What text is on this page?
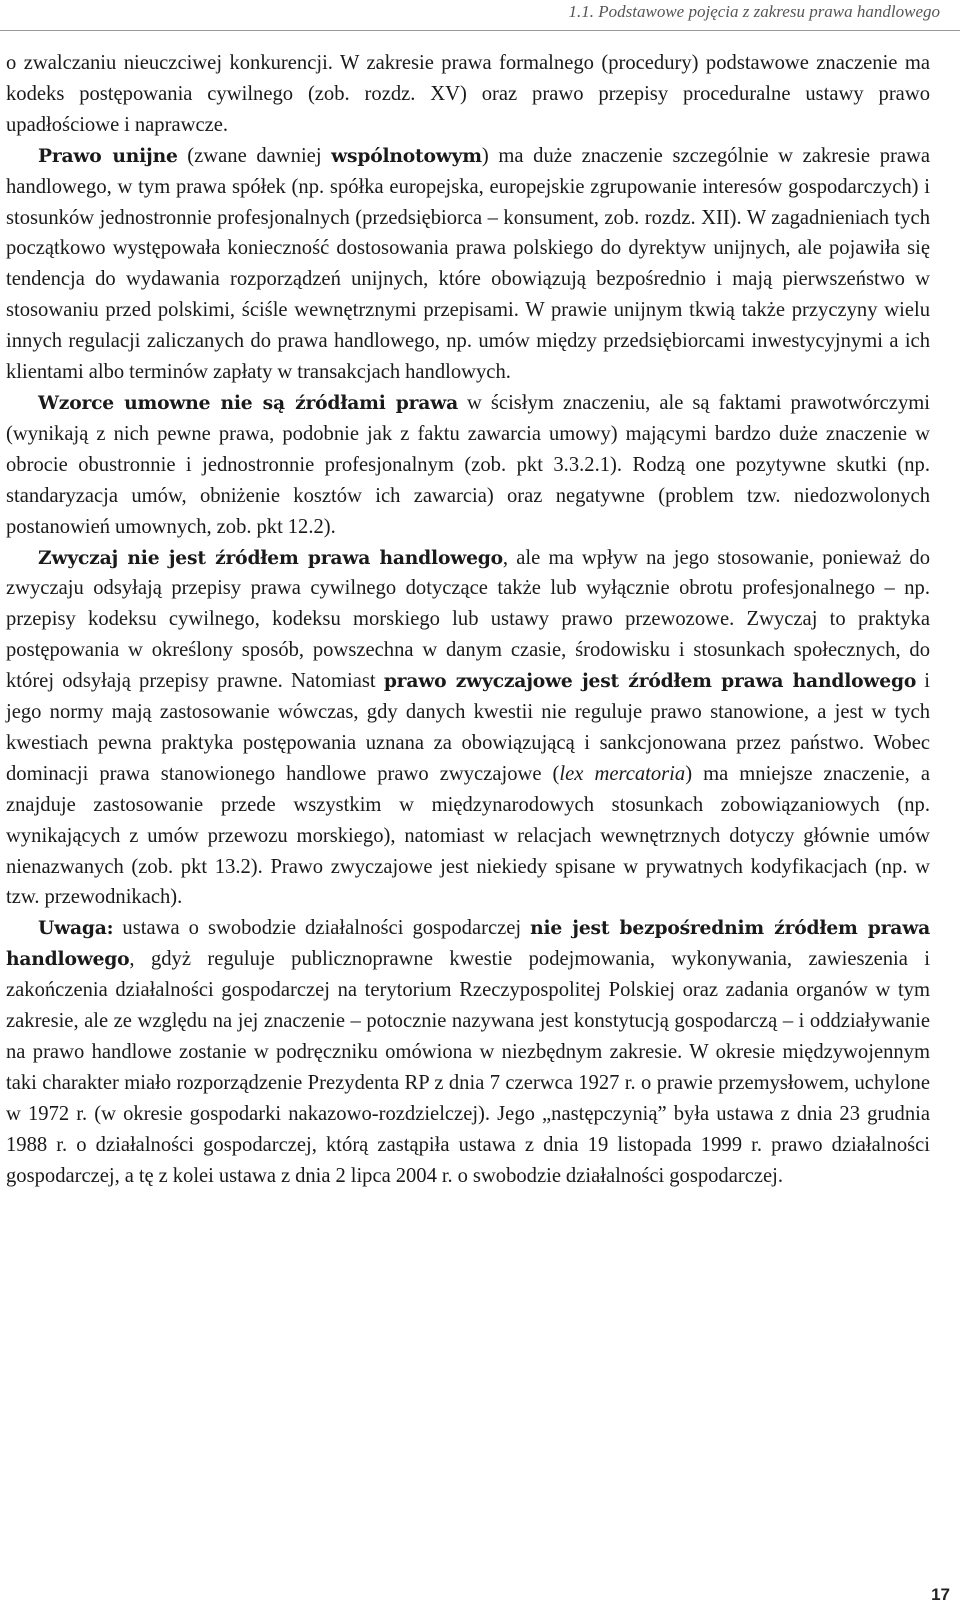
1.1. Podstawowe pojęcia z zakresu prawa handlowego

o zwalczaniu nieuczciwej konkurencji. W zakresie prawa formalnego (procedury) podstawowe znaczenie ma kodeks postępowania cywilnego (zob. rozdz. XV) oraz prawo przepisy proceduralne ustawy prawo upadłościowe i naprawcze.

Prawo unijne (zwane dawniej wspólnotowym) ma duże znaczenie szczególnie w zakresie prawa handlowego, w tym prawa spółek (np. spółka europejska, europejskie zgrupowanie interesów gospodarczych) i stosunków jednostronnie profesjonalnych (przedsiębiorca – konsument, zob. rozdz. XII). W zagadnieniach tych początkowo występowała konieczność dostosowania prawa polskiego do dyrektyw unijnych, ale pojawiła się tendencja do wydawania rozporządzeń unijnych, które obowiązują bezpośrednio i mają pierwszeństwo w stosowaniu przed polskimi, ściśle wewnętrznymi przepisami. W prawie unijnym tkwią także przyczyny wielu innych regulacji zaliczanych do prawa handlowego, np. umów między przedsiębiorcami inwestycyjnymi a ich klientami albo terminów zapłaty w transakcjach handlowych.

Wzorce umowne nie są źródłami prawa w ścisłym znaczeniu, ale są faktami prawotwórczymi (wynikają z nich pewne prawa, podobnie jak z faktu zawarcia umowy) mającymi bardzo duże znaczenie w obrocie obustronnie i jednostronnie profesjonalnym (zob. pkt 3.3.2.1). Rodzą one pozytywne skutki (np. standaryzacja umów, obniżenie kosztów ich zawarcia) oraz negatywne (problem tzw. niedozwolonych postanowień umownych, zob. pkt 12.2).

Zwyczaj nie jest źródłem prawa handlowego, ale ma wpływ na jego stosowanie, ponieważ do zwyczaju odsyłają przepisy prawa cywilnego dotyczące także lub wyłącznie obrotu profesjonalnego – np. przepisy kodeksu cywilnego, kodeksu morskiego lub ustawy prawo przewozowe. Zwyczaj to praktyka postępowania w określony sposób, powszechna w danym czasie, środowisku i stosunkach społecznych, do której odsyłają przepisy prawne. Natomiast prawo zwyczajowe jest źródłem prawa handlowego i jego normy mają zastosowanie wówczas, gdy danych kwestii nie reguluje prawo stanowione, a jest w tych kwestiach pewna praktyka postępowania uznana za obowiązującą i sankcjonowana przez państwo. Wobec dominacji prawa stanowionego handlowe prawo zwyczajowe (lex mercatoria) ma mniejsze znaczenie, a znajduje zastosowanie przede wszystkim w międzynarodowych stosunkach zobowiązaniowych (np. wynikających z umów przewozu morskiego), natomiast w relacjach wewnętrznych dotyczy głównie umów nienazwanych (zob. pkt 13.2). Prawo zwyczajowe jest niekiedy spisane w prywatnych kodyfikacjach (np. w tzw. przewodnikach).

Uwaga: ustawa o swobodzie działalności gospodarczej nie jest bezpośrednim źródłem prawa handlowego, gdyż reguluje publicznoprawne kwestie podejmowania, wykonywania, zawieszenia i zakończenia działalności gospodarczej na terytorium Rzeczypospolitej Polskiej oraz zadania organów w tym zakresie, ale ze względu na jej znaczenie – potocznie nazywana jest konstytucją gospodarczą – i oddziaływanie na prawo handlowe zostanie w podręczniku omówiona w niezbędnym zakresie. W okresie międzywojennym taki charakter miało rozporządzenie Prezydenta RP z dnia 7 czerwca 1927 r. o prawie przemysłowem, uchylone w 1972 r. (w okresie gospodarki nakazowo-rozdzielczej). Jego „następczynią” była ustawa z dnia 23 grudnia 1988 r. o działalności gospodarczej, którą zastąpiła ustawa z dnia 19 listopada 1999 r. prawo działalności gospodarczej, a tę z kolei ustawa z dnia 2 lipca 2004 r. o swobodzie działalności gospodarczej.

17
